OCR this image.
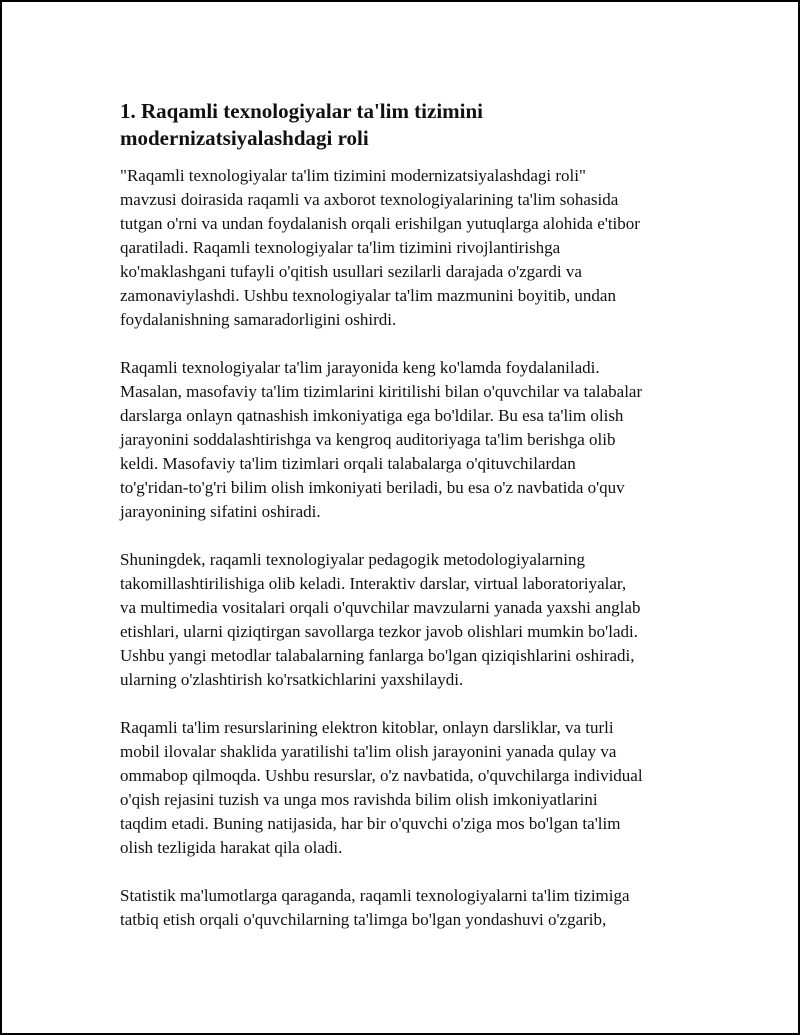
1. Raqamli texnologiyalar ta'lim tizimini
modernizatsiyalashdagi roli

"Raqamli texnologiyalar ta'lim tizimini modernizatsiyalashdagi roli"
mavzusi doirasida raqamli va axborot texnologiyalarining ta'lim sohasida
tutgan o'rni va undan foydalanish orqali erishilgan yutuqlarga alohida e'tibor
qaratiladi. Raqamli texnologiyalar ta'lim tizimini rivojlantirishga
ko'maklashgani tufayli o'qitish usullari sezilarli darajada o'zgardi va
zamonaviylashdi. Ushbu texnologiyalar ta'lim mazmunini boyitib, undan
foydalanishning samaradorligini oshirdi.

Raqamli texnologiyalar ta'lim jarayonida keng ko'lamda foydalaniladi.
Masalan, masofaviy ta'lim tizimlarini kiritilishi bilan o'quvchilar va talabalar
darslarga onlayn qatnashish imkoniyatiga ega bo'ldilar. Bu esa ta'lim olish
jarayonini soddalashtirishga va kengroq auditoriyaga ta'lim berishga olib
keldi. Masofaviy ta'lim tizimlari orqali talabalarga o'qituvchilardan
to'g'ridan-to'g'ri bilim olish imkoniyati beriladi, bu esa o'z navbatida o'quv
jarayonining sifatini oshiradi.

Shuningdek, raqamli texnologiyalar pedagogik metodologiyalarning
takomillashtirilishiga olib keladi. Interaktiv darslar, virtual laboratoriyalar,
va multimedia vositalari orqali o'quvchilar mavzularni yanada yaxshi anglab
etishlari, ularni qiziqtirgan savollarga tezkor javob olishlari mumkin bo'ladi.
Ushbu yangi metodlar talabalarning fanlarga bo'lgan qiziqishlarini oshiradi,
ularning o'zlashtirish ko'rsatkichlarini yaxshilaydi.

Raqamli ta'lim resurslarining elektron kitoblar, onlayn darsliklar, va turli
mobil ilovalar shaklida yaratilishi ta'lim olish jarayonini yanada qulay va
ommabop qilmoqda. Ushbu resurslar, o'z navbatida, o'quvchilarga individual
o'qish rejasini tuzish va unga mos ravishda bilim olish imkoniyatlarini
taqdim etadi. Buning natijasida, har bir o'quvchi o'ziga mos bo'lgan ta'lim
olish tezligida harakat qila oladi.

Statistik ma'lumotlarga qaraganda, raqamli texnologiyalarni ta'lim tizimiga
tatbiq etish orqali o'quvchilarning ta'limga bo'lgan yondashuvi o'zgarib,
